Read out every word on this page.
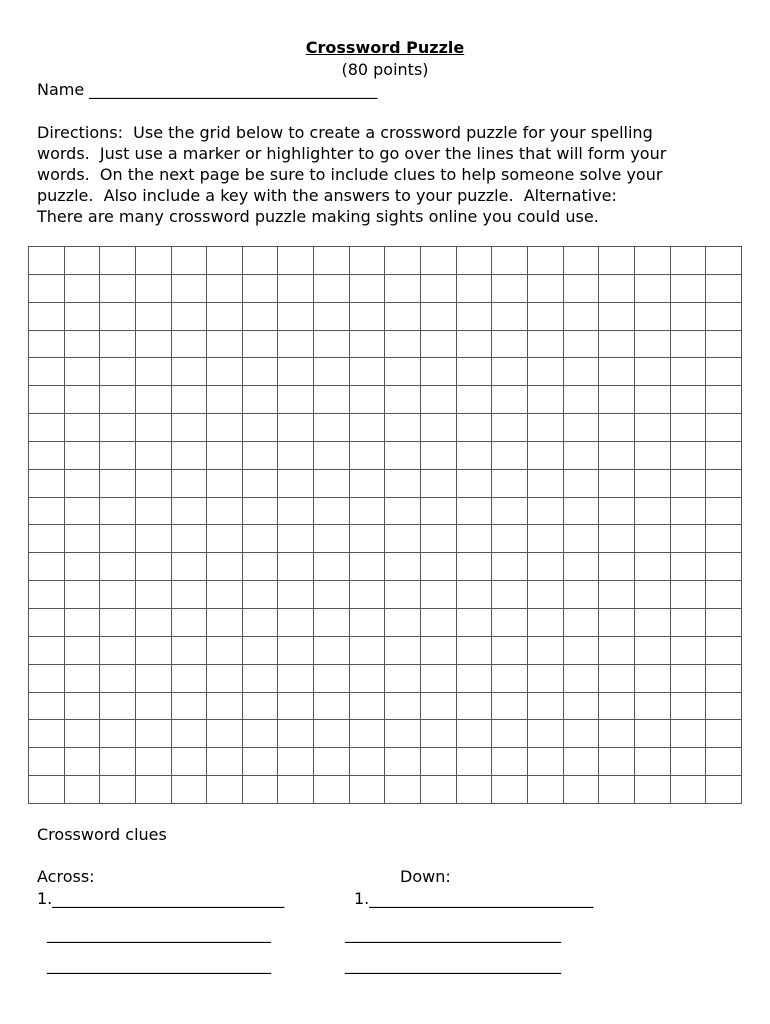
Crossword Puzzle
(80 points)
Name ____________________________________

Directions:  Use the grid below to create a crossword puzzle for your spelling

words.  Just use a marker or highlighter to go over the lines that will form your

words.  On the next page be sure to include clues to help someone solve your

puzzle.  Also include a key with the answers to your puzzle.  Alternative:

There are many crossword puzzle making sights online you could use.

Crossword clues
Across:	Down:
1._____________________________	1.____________________________
____________________________	___________________________
____________________________	___________________________
